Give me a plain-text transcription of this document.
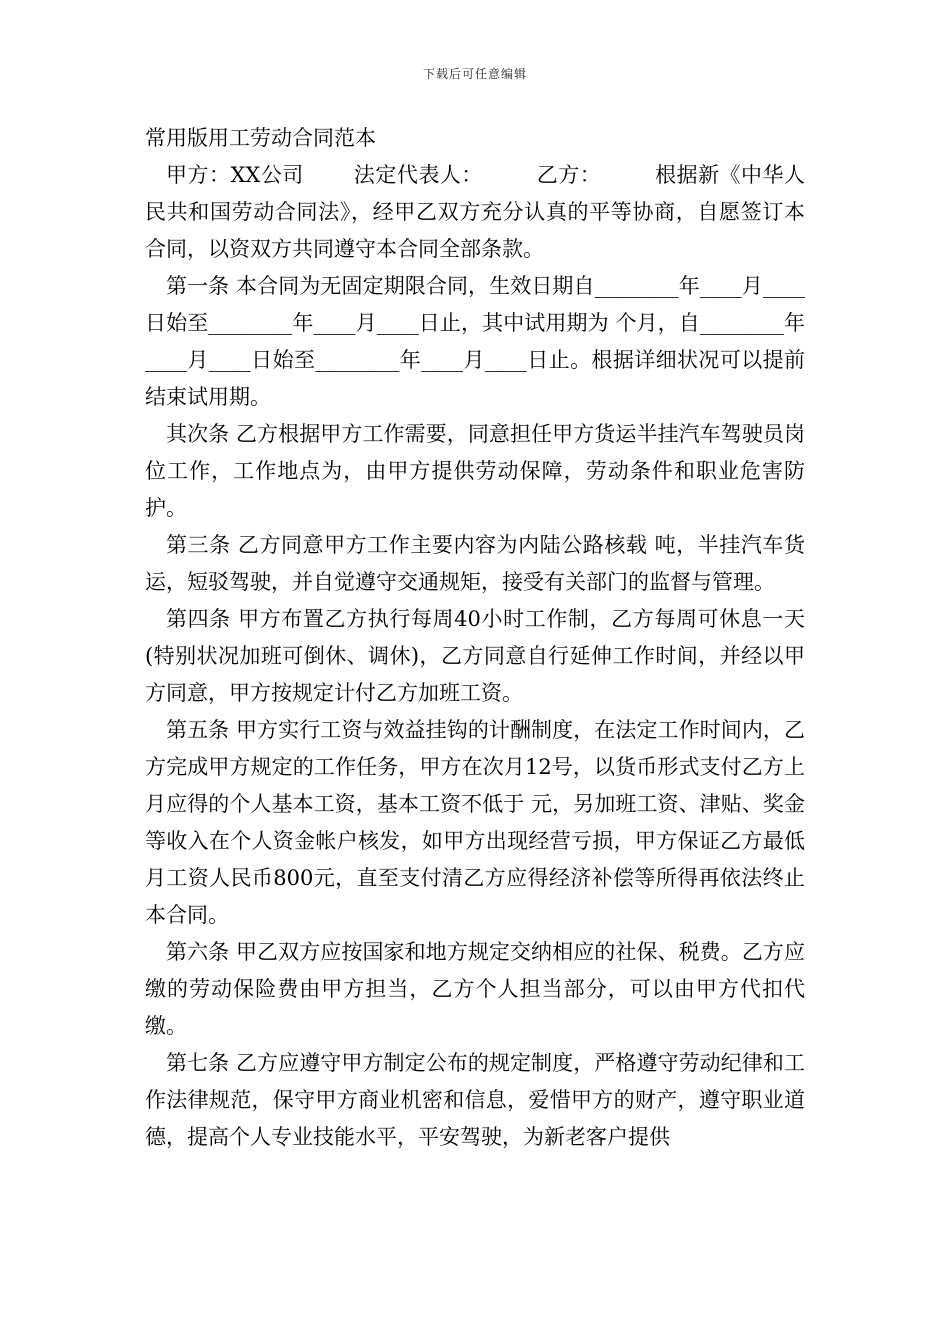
下载后可任意编辑

常用版用工劳动合同范本

甲方：XX公司　　 法定代表人：　　　乙方：　　　根据新《中华人民共和国劳动合同法》，经甲乙双方充分认真的平等协商，自愿签订本合同，以资双方共同遵守本合同全部条款。

第一条 本合同为无固定期限合同，生效日期自________年____月____日始至________年____月____日止，其中试用期为 个月，自________年____月____日始至________年____月____日止。根据详细状况可以提前结束试用期。

其次条 乙方根据甲方工作需要，同意担任甲方货运半挂汽车驾驶员岗位工作，工作地点为，由甲方提供劳动保障，劳动条件和职业危害防护。

第三条 乙方同意甲方工作主要内容为内陆公路核载 吨，半挂汽车货运，短驳驾驶，并自觉遵守交通规矩，接受有关部门的监督与管理。

第四条 甲方布置乙方执行每周40小时工作制，乙方每周可休息一天(特别状况加班可倒休、调休)，乙方同意自行延伸工作时间，并经以甲方同意，甲方按规定计付乙方加班工资。

第五条 甲方实行工资与效益挂钩的计酬制度，在法定工作时间内，乙方完成甲方规定的工作任务，甲方在次月12号，以货币形式支付乙方上月应得的个人基本工资，基本工资不低于 元，另加班工资、津贴、奖金等收入在个人资金帐户核发，如甲方出现经营亏损，甲方保证乙方最低月工资人民币800元，直至支付清乙方应得经济补偿等所得再依法终止本合同。

第六条 甲乙双方应按国家和地方规定交纳相应的社保、税费。乙方应缴的劳动保险费由甲方担当，乙方个人担当部分，可以由甲方代扣代缴。

第七条 乙方应遵守甲方制定公布的规定制度，严格遵守劳动纪律和工作法律规范，保守甲方商业机密和信息，爱惜甲方的财产，遵守职业道德，提高个人专业技能水平，平安驾驶，为新老客户提供
